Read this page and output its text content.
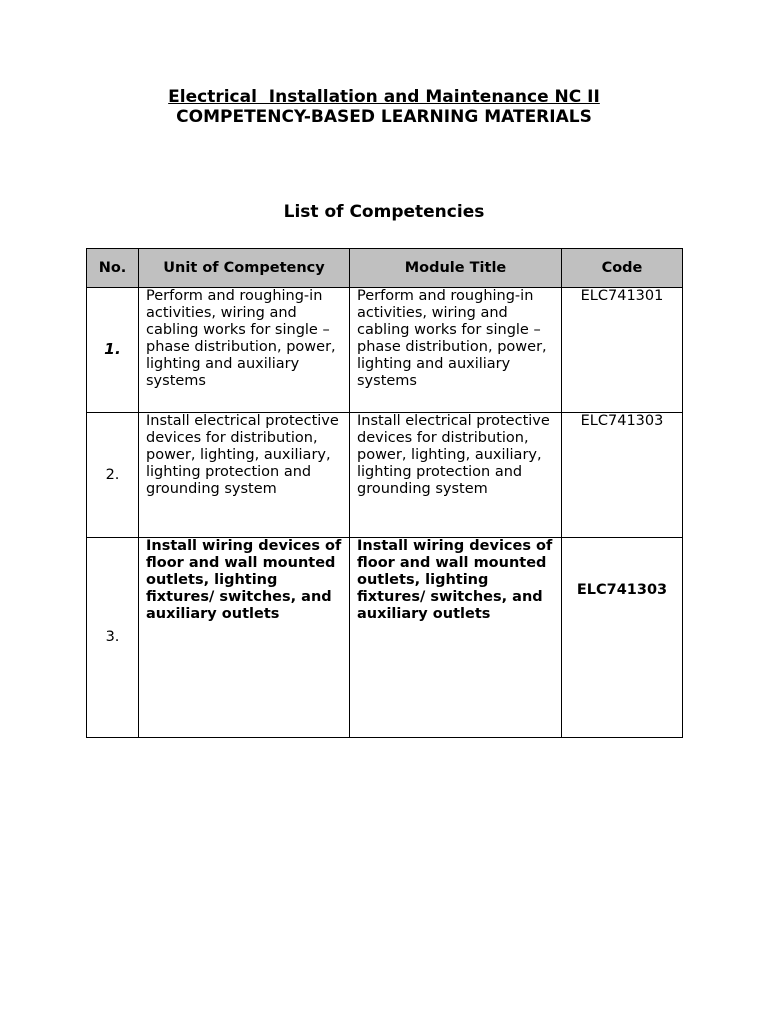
Electrical  Installation and Maintenance NC II
COMPETENCY-BASED LEARNING MATERIALS
List of Competencies
No.	Unit of Competency	Module Title	Code
1.	Perform and roughing-in activities, wiring and cabling works for single – phase distribution, power, lighting and auxiliary systems	Perform and roughing-in activities, wiring and cabling works for single – phase distribution, power, lighting and auxiliary systems	ELC741301
2.	Install electrical protective devices for distribution, power, lighting, auxiliary, lighting protection and grounding system	Install electrical protective devices for distribution, power, lighting, auxiliary, lighting protection and grounding system	ELC741303
3.	Install wiring devices of floor and wall mounted outlets, lighting fixtures/ switches, and auxiliary outlets	Install wiring devices of floor and wall mounted outlets, lighting fixtures/ switches, and auxiliary outlets	ELC741303
